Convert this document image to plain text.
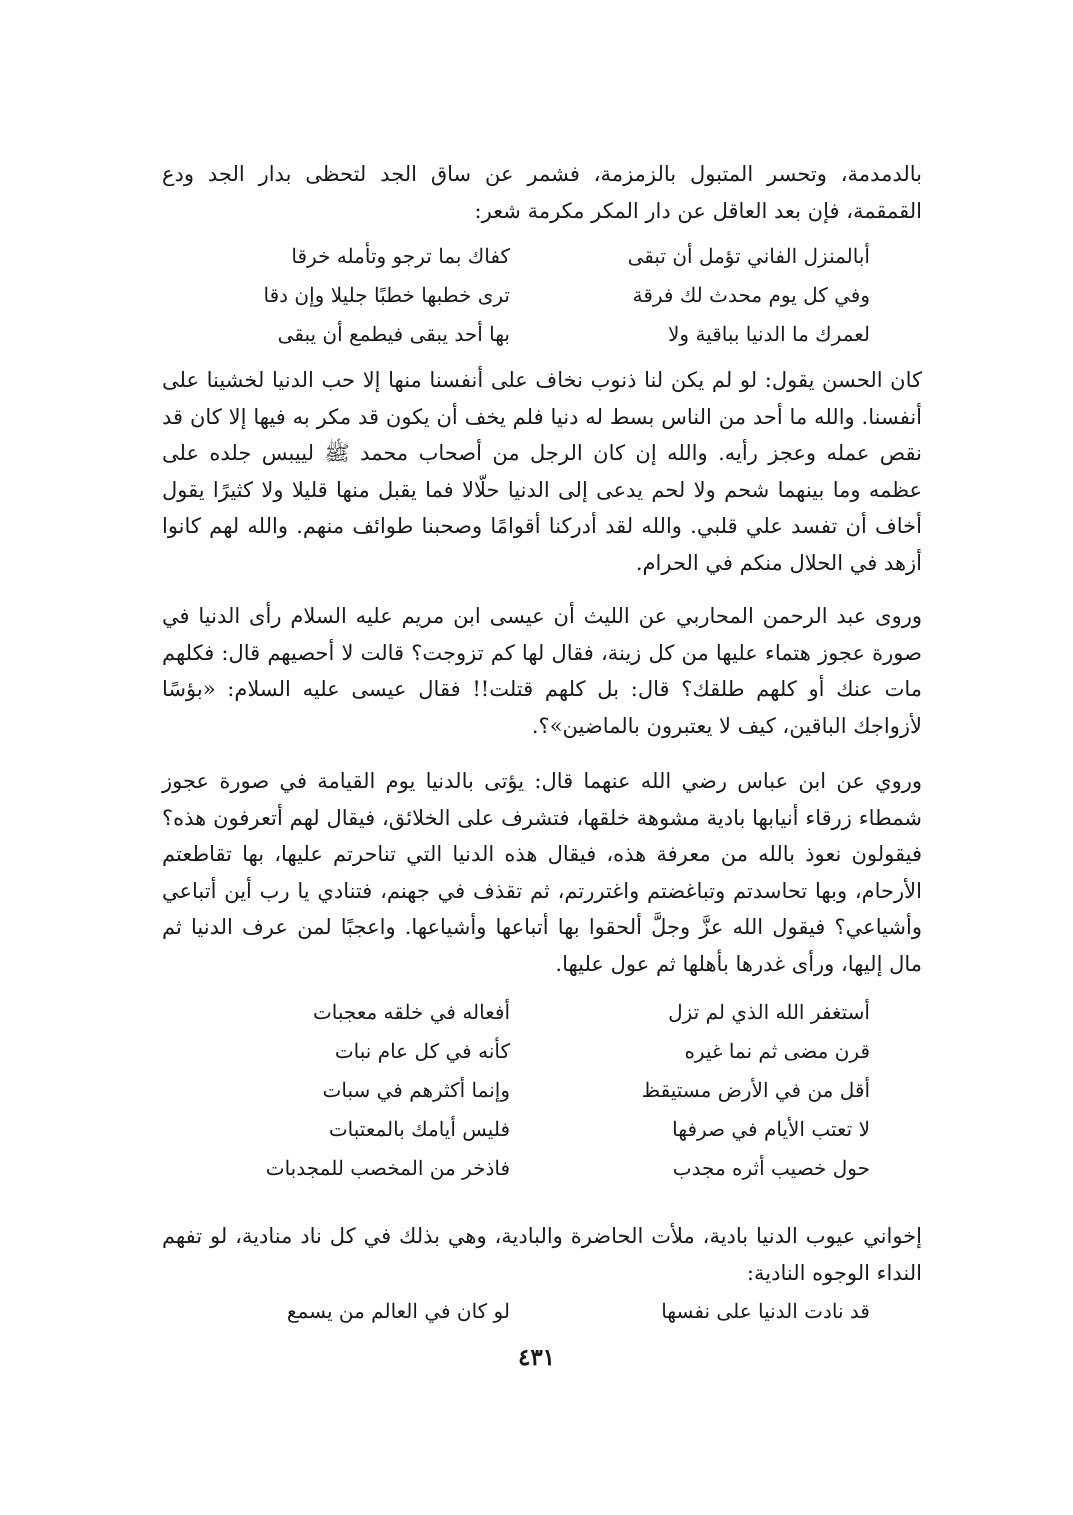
بالدمدمة، وتحسر المتبول بالزمزمة، فشمر عن ساق الجد لتحظى بدار الجد ودع القمقمة، فإن بعد العاقل عن دار المكر مكرمة شعر:

أبالمنزل الفاني تؤمل أن تبقى
كفاك بما ترجو وتأمله خرقا
وفي كل يوم محدث لك فرقة
ترى خطبها خطبًا جليلا وإن دقا
لعمرك ما الدنيا بباقية ولا
بها أحد يبقى فيطمع أن يبقى

كان الحسن يقول: لو لم يكن لنا ذنوب نخاف على أنفسنا منها إلا حب الدنيا لخشينا على أنفسنا. والله ما أحد من الناس بسط له دنيا فلم يخف أن يكون قد مكر به فيها إلا كان قد نقص عمله وعجز رأيه. والله إن كان الرجل من أصحاب محمد ﷺ لييبس جلده على عظمه وما بينهما شحم ولا لحم يدعى إلى الدنيا حلّالا فما يقبل منها قليلا ولا كثيرًا يقول أخاف أن تفسد علي قلبي. والله لقد أدركنا أقوامًا وصحبنا طوائف منهم. والله لهم كانوا أزهد في الحلال منكم في الحرام.

وروى عبد الرحمن المحاربي عن الليث أن عيسى ابن مريم عليه السلام رأى الدنيا في صورة عجوز هتماء عليها من كل زينة، فقال لها كم تزوجت؟ قالت لا أحصيهم قال: فكلهم مات عنك أو كلهم طلقك؟ قال: بل كلهم قتلت!! فقال عيسى عليه السلام: «بؤسًا لأزواجك الباقين، كيف لا يعتبرون بالماضين»؟.

وروي عن ابن عباس رضي الله عنهما قال: يؤتى بالدنيا يوم القيامة في صورة عجوز شمطاء زرقاء أنيابها بادية مشوهة خلقها، فتشرف على الخلائق، فيقال لهم أتعرفون هذه؟ فيقولون نعوذ بالله من معرفة هذه، فيقال هذه الدنيا التي تناحرتم عليها، بها تقاطعتم الأرحام، وبها تحاسدتم وتباغضتم واغتررتم، ثم تقذف في جهنم، فتنادي يا رب أين أتباعي وأشياعي؟ فيقول الله عزَّ وجلَّ ألحقوا بها أتباعها وأشياعها. واعجبًا لمن عرف الدنيا ثم مال إليها، ورأى غدرها بأهلها ثم عول عليها.

أستغفر الله الذي لم تزل
أفعاله في خلقه معجبات
قرن مضى ثم نما غيره
كأنه في كل عام نبات
أقل من في الأرض مستيقظ
وإنما أكثرهم في سبات
لا تعتب الأيام في صرفها
فليس أيامك بالمعتبات
حول خصيب أثره مجدب
فاذخر من المخصب للمجدبات

إخواني عيوب الدنيا بادية، ملأت الحاضرة والبادية، وهي بذلك في كل ناد منادية، لو تفهم النداء الوجوه النادية:

قد نادت الدنيا على نفسها
لو كان في العالم من يسمع
٤٣١
